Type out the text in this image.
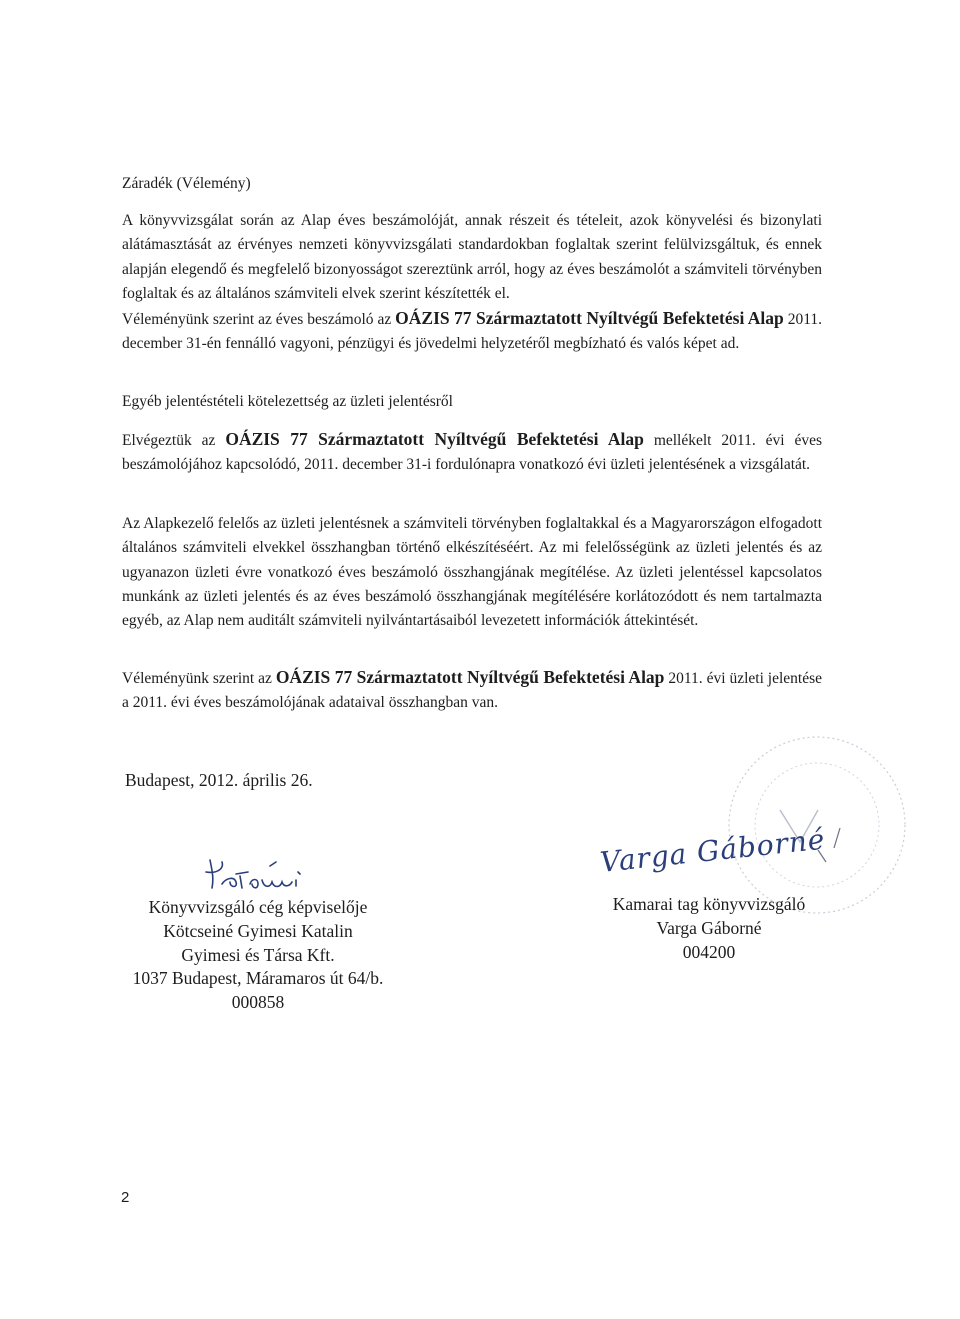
Záradék (Vélemény)
A könyvvizsgálat során az Alap éves beszámolóját, annak részeit és tételeit, azok könyvelési és bizonylati alátámasztását az érvényes nemzeti könyvvizsgálati standardokban foglaltak szerint felülvizsgáltuk, és ennek alapján elegendő és megfelelő bizonyosságot szereztünk arról, hogy az éves beszámolót a számviteli törvényben foglaltak és az általános számviteli elvek szerint készítették el.
Véleményünk szerint az éves beszámoló az OÁZIS 77 Származtatott Nyíltvégű Befektetési Alap 2011. december 31-én fennálló vagyoni, pénzügyi és jövedelmi helyzetéről megbízható és valós képet ad.
Egyéb jelentéstételi kötelezettség az üzleti jelentésről
Elvégeztük az OÁZIS 77 Származtatott Nyíltvégű Befektetési Alap mellékelt 2011. évi éves beszámolójához kapcsolódó, 2011. december 31-i fordulónapra vonatkozó évi üzleti jelentésének a vizsgálatát.
Az Alapkezelő felelős az üzleti jelentésnek a számviteli törvényben foglaltakkal és a Magyarországon elfogadott általános számviteli elvekkel összhangban történő elkészítéséért. Az mi felelősségünk az üzleti jelentés és az ugyanazon üzleti évre vonatkozó éves beszámoló összhangjának megítélése. Az üzleti jelentéssel kapcsolatos munkánk az üzleti jelentés és az éves beszámoló összhangjának megítélésére korlátozódott és nem tartalmazta egyéb, az Alap nem auditált számviteli nyilvántartásaiból levezetett információk áttekintését.
Véleményünk szerint az OÁZIS 77 Származtatott Nyíltvégű Befektetési Alap 2011. évi üzleti jelentése a 2011. évi éves beszámolójának adataival összhangban van.
Budapest, 2012. április 26.
Varga Gáborné
Könyvvizsgáló cég képviselője
Kötcseiné Gyimesi Katalin
Gyimesi és Társa Kft.
1037 Budapest, Máramaros út 64/b.
000858
Kamarai tag könyvvizsgáló
Varga Gáborné
004200
2
